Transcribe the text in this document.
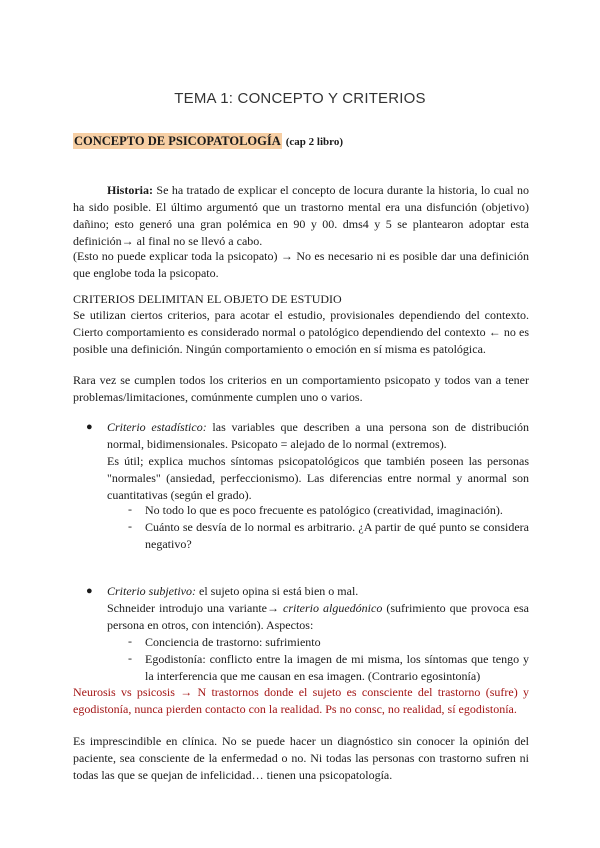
TEMA 1: CONCEPTO Y CRITERIOS
CONCEPTO DE PSICOPATOLOGÍA (cap 2 libro)
Historia: Se ha tratado de explicar el concepto de locura durante la historia, lo cual no ha sido posible. El último argumentó que un trastorno mental era una disfunción (objetivo) dañino; esto generó una gran polémica en 90 y 00. dms4 y 5 se plantearon adoptar esta definición→ al final no se llevó a cabo.
(Esto no puede explicar toda la psicopato) → No es necesario ni es posible dar una definición que englobe toda la psicopato.
CRITERIOS DELIMITAN EL OBJETO DE ESTUDIO
Se utilizan ciertos criterios, para acotar el estudio, provisionales dependiendo del contexto. Cierto comportamiento es considerado normal o patológico dependiendo del contexto ← no es posible una definición. Ningún comportamiento o emoción en sí misma es patológica.
Rara vez se cumplen todos los criterios en un comportamiento psicopato y todos van a tener problemas/limitaciones, comúnmente cumplen uno o varios.
● Criterio estadístico: las variables que describen a una persona son de distribución normal, bidimensionales. Psicopato = alejado de lo normal (extremos).
Es útil; explica muchos síntomas psicopatológicos que también poseen las personas "normales" (ansiedad, perfeccionismo). Las diferencias entre normal y anormal son cuantitativas (según el grado).
- No todo lo que es poco frecuente es patológico (creatividad, imaginación).
- Cuánto se desvía de lo normal es arbitrario. ¿A partir de qué punto se considera negativo?
● Criterio subjetivo: el sujeto opina si está bien o mal.
Schneider introdujo una variante→ criterio alguedónico (sufrimiento que provoca esa persona en otros, con intención). Aspectos:
- Conciencia de trastorno: sufrimiento
- Egodistonía: conflicto entre la imagen de mi misma, los síntomas que tengo y la interferencia que me causan en esa imagen. (Contrario egosintonía)
Neurosis vs psicosis → N trastornos donde el sujeto es consciente del trastorno (sufre) y egodistonía, nunca pierden contacto con la realidad. Ps no consc, no realidad, sí egodistonía.
Es imprescindible en clínica. No se puede hacer un diagnóstico sin conocer la opinión del paciente, sea consciente de la enfermedad o no. Ni todas las personas con trastorno sufren ni todas las que se quejan de infelicidad… tienen una psicopatología.
